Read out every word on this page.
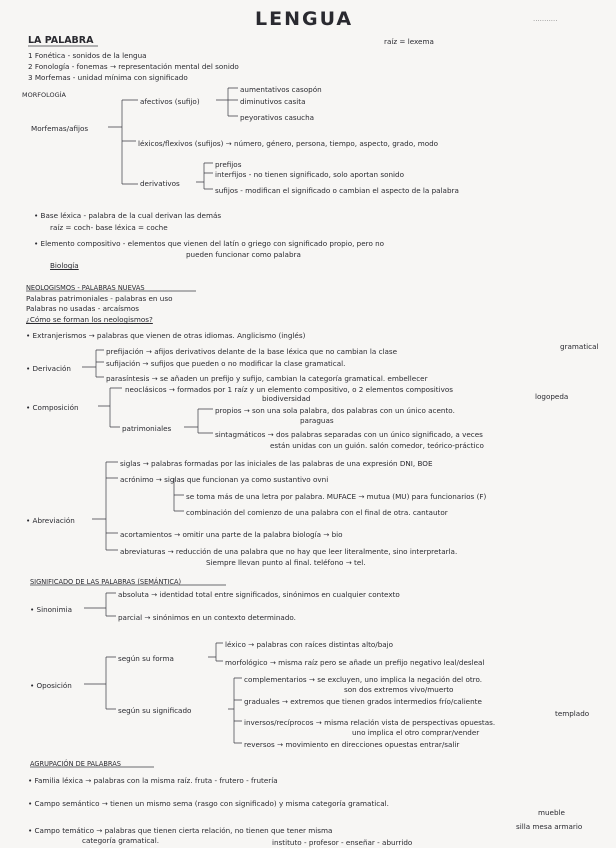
LENGUA	...........
LA PALABRA	raíz = lexema
1 Fonética - sonidos de la lengua
2 Fonología - fonemas → representación mental del sonido
3 Morfemas - unidad mínima con significado
MORFOLOGÍA
Morfemas/afijos
afectivos (sufijo)
aumentativos casopón
diminutivos casita
peyorativos casucha
léxicos/flexivos (sufijos) → número, género, persona, tiempo, aspecto, grado, modo
derivativos
prefijos
interfijos - no tienen significado, solo aportan sonido
sufijos - modifican el significado o cambian el aspecto de la palabra
• Base léxica - palabra de la cual derivan las demás
raíz = coch- base léxica = coche
• Elemento compositivo - elementos que vienen del latín o griego con significado propio, pero no
pueden funcionar como palabra
Biología
NEOLOGISMOS - PALABRAS NUEVAS
Palabras patrimoniales - palabras en uso
Palabras no usadas - arcaísmos
¿Cómo se forman los neologismos?
• Extranjerismos → palabras que vienen de otras idiomas. Anglicismo (inglés)
• Derivación
prefijación → afijos derivativos delante de la base léxica que no cambian la clase
gramatical
sufijación → sufijos que pueden o no modificar la clase gramatical.
parasíntesis → se añaden un prefijo y sufijo, cambian la categoría gramatical. embellecer
• Composición
neoclásicos → formados por 1 raíz y un elemento compositivo, o 2 elementos compositivos
biodiversidad	logopeda
patrimoniales
propios → son una sola palabra, dos palabras con un único acento.
paraguas
sintagmáticos → dos palabras separadas con un único significado, a veces
están unidas con un guión. salón comedor, teórico-práctico
siglas → palabras formadas por las iniciales de las palabras de una expresión DNI, BOE
acrónimo → siglas que funcionan ya como sustantivo ovni
se toma más de una letra por palabra. MUFACE → mutua (MU) para funcionarios (F)
combinación del comienzo de una palabra con el final de otra. cantautor
• Abreviación
acortamientos → omitir una parte de la palabra biología → bio
abreviaturas → reducción de una palabra que no hay que leer literalmente, sino interpretarla.
Siempre llevan punto al final. teléfono → tel.
SIGNIFICADO DE LAS PALABRAS (SEMÁNTICA)
• Sinonimia
absoluta → identidad total entre significados, sinónimos en cualquier contexto
parcial → sinónimos en un contexto determinado.
• Oposición
según su forma
léxico → palabras con raíces distintas alto/bajo
morfológico → misma raíz pero se añade un prefijo negativo leal/desleal
según su significado
complementarios → se excluyen, uno implica la negación del otro.
son dos extremos vivo/muerto
graduales → extremos que tienen grados intermedios frío/caliente
templado
inversos/recíprocos → misma relación vista de perspectivas opuestas.
uno implica el otro comprar/vender
reversos → movimiento en direcciones opuestas entrar/salir
AGRUPACIÓN DE PALABRAS
• Familia léxica → palabras con la misma raíz. fruta - frutero - frutería
• Campo semántico → tienen un mismo sema (rasgo con significado) y misma categoría gramatical.
mueble
silla mesa armario
• Campo temático → palabras que tienen cierta relación, no tienen que tener misma
categoría gramatical.	instituto - profesor - enseñar - aburrido
